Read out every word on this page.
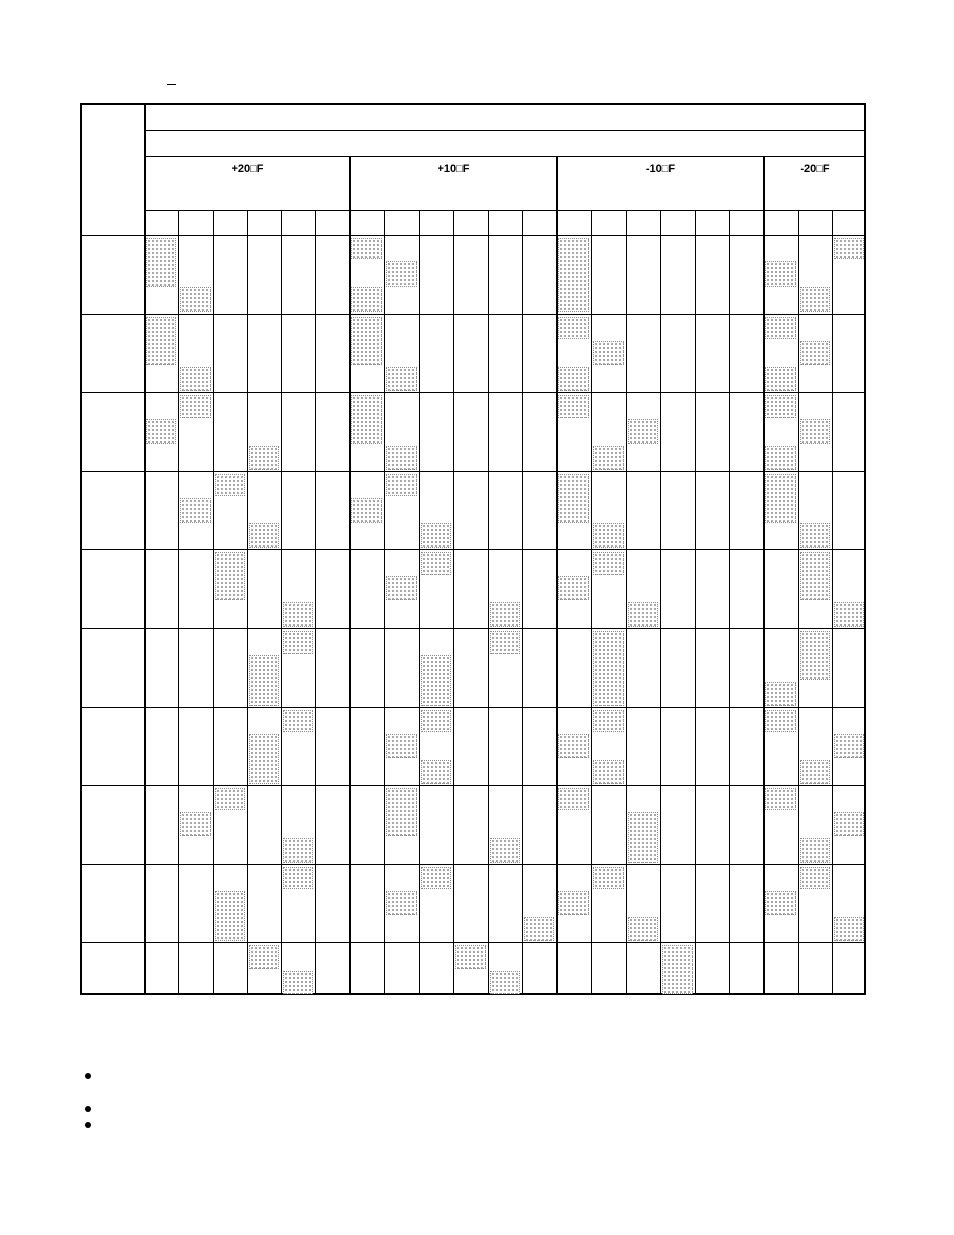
+20□F	+10□F	-10□F	-20□F
